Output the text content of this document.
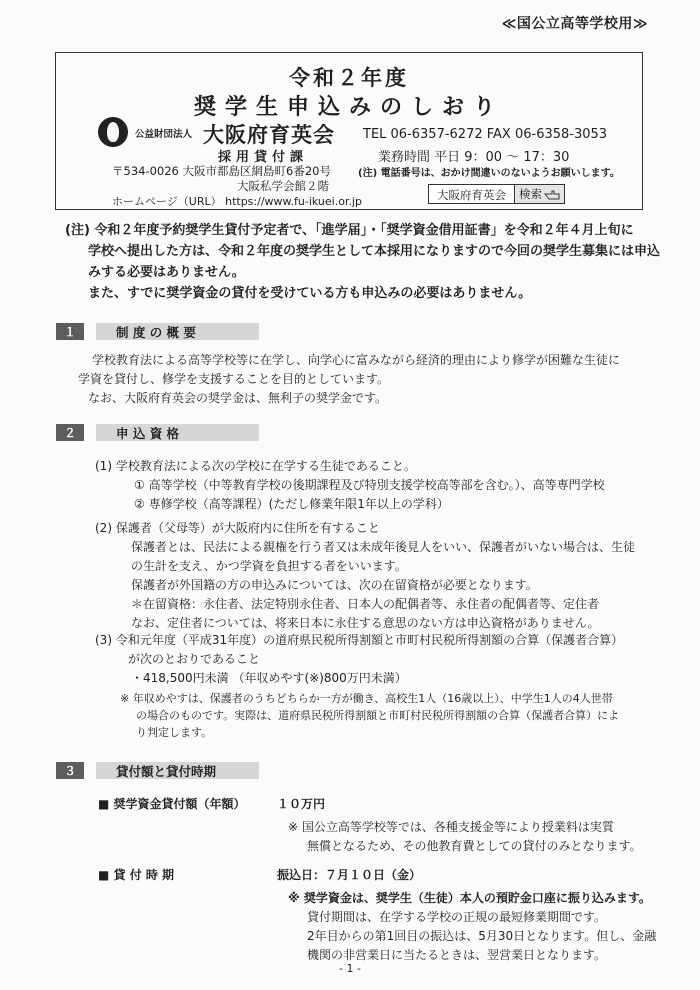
≪国公立高等学校用≫
令和２年度
奨学生申込みのしおり
公益財団法人 大阪府育英会
採用貸付課
TEL 06-6357-6272 FAX 06-6358-3053
業務時間 平日 9：00 ～ 17：30
(注) 電話番号は、おかけ間違いのないようお願いします。
〒534-0026 大阪市都島区網島町6番20号
大阪私学会館２階
ホームページ（URL） https://www.fu-ikuei.or.jp	大阪府育英会	検索
(注) 令和２年度予約奨学生貸付予定者で、「進学届」・「奨学資金借用証書」を令和２年４月上旬に
学校へ提出した方は、令和２年度の奨学生として本採用になりますので今回の奨学生募集には申込
みする必要はありません。
また、すでに奨学資金の貸付を受けている方も申込みの必要はありません。
１	制 度 の 概 要
学校教育法による高等学校等に在学し、向学心に富みながら経済的理由により修学が困難な生徒に
学資を貸付し、修学を支援することを目的としています。
なお、大阪府育英会の奨学金は、無利子の奨学金です。
２	申 込 資 格
(1) 学校教育法による次の学校に在学する生徒であること。
① 高等学校（中等教育学校の後期課程及び特別支援学校高等部を含む。）、高等専門学校
② 専修学校（高等課程）(ただし修業年限1年以上の学科）
(2) 保護者（父母等）が大阪府内に住所を有すること
保護者とは、民法による親権を行う者又は未成年後見人をいい、保護者がいない場合は、生徒
の生計を支え、かつ学資を負担する者をいいます。
保護者が外国籍の方の申込みについては、次の在留資格が必要となります。
＊在留資格：永住者、法定特別永住者、日本人の配偶者等、永住者の配偶者等、定住者
なお、定住者については、将来日本に永住する意思のない方は申込資格がありません。
(3) 令和元年度（平成31年度）の道府県民税所得割額と市町村民税所得割額の合算（保護者合算）
が次のとおりであること
・418,500円未満 （年収めやす(※)800万円未満）
※ 年収めやすは、保護者のうちどちらか一方が働き、高校生1人（16歳以上）、中学生1人の4人世帯
の場合のものです。実際は、道府県民税所得割額と市町村民税所得割額の合算（保護者合算）によ
り判定します。
３	貸付額と貸付時期
■ 奨学資金貸付額（年額）	１０万円
※ 国公立高等学校等では、各種支援金等により授業料は実質
無償となるため、その他教育費としての貸付のみとなります。
■ 貸 付 時 期	振込日：７月１０日（金）
※ 奨学資金は、奨学生（生徒）本人の預貯金口座に振り込みます。
貸付期間は、在学する学校の正規の最短修業期間です。
2年目からの第1回目の振込は、5月30日となります。但し、金融
機関の非営業日に当たるときは、翌営業日となります。
- 1 -
